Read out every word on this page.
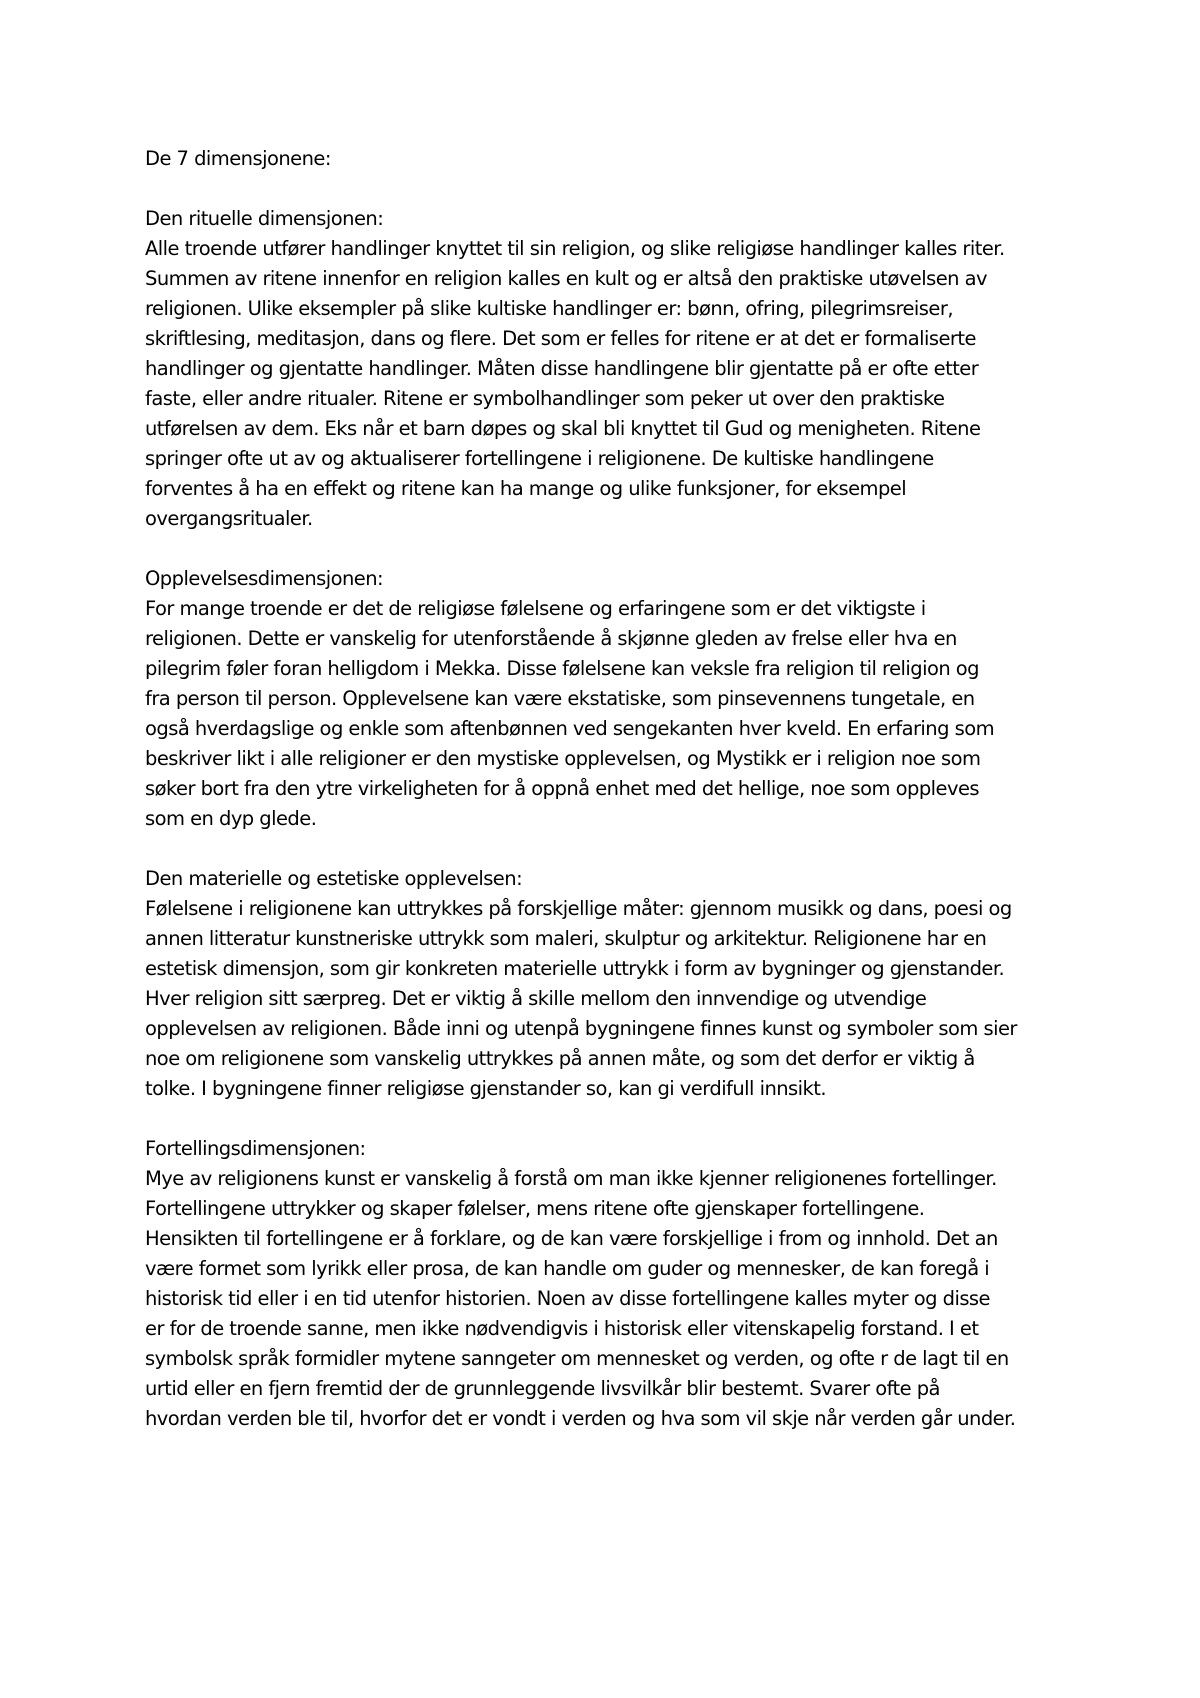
De 7 dimensjonene:
Den rituelle dimensjonen:
Alle troende utfører handlinger knyttet til sin religion, og slike religiøse handlinger kalles riter.
Summen av ritene innenfor en religion kalles en kult og er altså den praktiske utøvelsen av
religionen. Ulike eksempler på slike kultiske handlinger er: bønn, ofring, pilegrimsreiser,
skriftlesing, meditasjon, dans og flere. Det som er felles for ritene er at det er formaliserte
handlinger og gjentatte handlinger. Måten disse handlingene blir gjentatte på er ofte etter
faste, eller andre ritualer. Ritene er symbolhandlinger som peker ut over den praktiske
utførelsen av dem. Eks når et barn døpes og skal bli knyttet til Gud og menigheten. Ritene
springer ofte ut av og aktualiserer fortellingene i religionene. De kultiske handlingene
forventes å ha en effekt og ritene kan ha mange og ulike funksjoner, for eksempel
overgangsritualer.
Opplevelsesdimensjonen:
For mange troende er det de religiøse følelsene og erfaringene som er det viktigste i
religionen. Dette er vanskelig for utenforstående å skjønne gleden av frelse eller hva en
pilegrim føler foran helligdom i Mekka. Disse følelsene kan veksle fra religion til religion og
fra person til person. Opplevelsene kan være ekstatiske, som pinsevennens tungetale, en
også hverdagslige og enkle som aftenbønnen ved sengekanten hver kveld. En erfaring som
beskriver likt i alle religioner er den mystiske opplevelsen, og Mystikk er i religion noe som
søker bort fra den ytre virkeligheten for å oppnå enhet med det hellige, noe som oppleves
som en dyp glede.
Den materielle og estetiske opplevelsen:
Følelsene i religionene kan uttrykkes på forskjellige måter: gjennom musikk og dans, poesi og
annen litteratur kunstneriske uttrykk som maleri, skulptur og arkitektur. Religionene har en
estetisk dimensjon, som gir konkreten materielle uttrykk i form av bygninger og gjenstander.
Hver religion sitt særpreg. Det er viktig å skille mellom den innvendige og utvendige
opplevelsen av religionen. Både inni og utenpå bygningene finnes kunst og symboler som sier
noe om religionene som vanskelig uttrykkes på annen måte, og som det derfor er viktig å
tolke. I bygningene finner religiøse gjenstander so, kan gi verdifull innsikt.
Fortellingsdimensjonen:
Mye av religionens kunst er vanskelig å forstå om man ikke kjenner religionenes fortellinger.
Fortellingene uttrykker og skaper følelser, mens ritene ofte gjenskaper fortellingene.
Hensikten til fortellingene er å forklare, og de kan være forskjellige i from og innhold. Det an
være formet som lyrikk eller prosa, de kan handle om guder og mennesker, de kan foregå i
historisk tid eller i en tid utenfor historien. Noen av disse fortellingene kalles myter og disse
er for de troende sanne, men ikke nødvendigvis i historisk eller vitenskapelig forstand. I et
symbolsk språk formidler mytene sanngeter om mennesket og verden, og ofte r de lagt til en
urtid eller en fjern fremtid der de grunnleggende livsvilkår blir bestemt. Svarer ofte på
hvordan verden ble til, hvorfor det er vondt i verden og hva som vil skje når verden går under.
